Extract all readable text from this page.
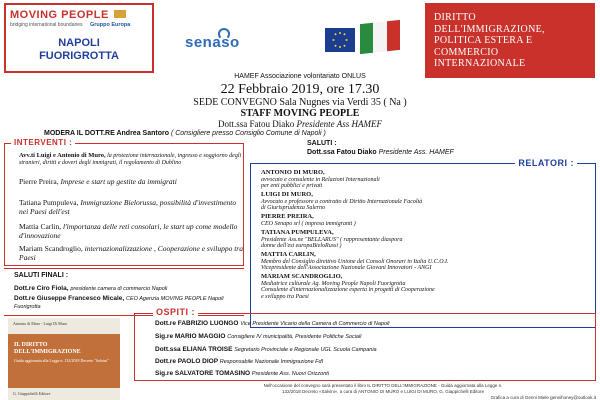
MOVING PEOPLE
bridging international boundaries Gruppo Europa
NAPOLI
FUORIGROTTA
senaso
DIRITTO
DELL'IMMIGRAZIONE,
POLITICA ESTERA E
COMMERCIO
INTERNAZIONALE
HAMEF Associazione volontariato ONLUS
22 Febbraio 2019, ore 17.30
SEDE CONVEGNO Sala Nugnes via Verdi 35 ( Na )
STAFF MOVING PEOPLE
Dott.ssa Fatou Diako Presidente Ass HAMEF
MODERA IL DOTT.RE Andrea Santoro ( Consigliere presso Consiglio Comune di Napoli )
INTERVENTI :
Avv.ti Luigi e Antonio di Muro, la protezione internazionale, ingresso e soggiorno degli stranieri, diritti e doveri degli immigrati, il regolamento di Dublino
Pierre Preira, Imprese e start up gestite da immigrati
Tatiana Pumpuleva, Immigrazione Bielorussa, possibilità d'investimento nei Paesi dell'est
Mattia Carlin, l'importanza delle reti consolari, le start up come modello d'innovazione
Mariam Scandroglio, internazionalizzazione , Cooperazione e sviluppo tra Paesi
SALUTI :
Dott.ssa Fatou Diako Presidente Ass. HAMEF
RELATORI :
ANTONIO DI MURO,
avvocato e consulente in Relazioni Internazionali
per enti pubblici e privati
LUIGI DI MURO,
Avvocato e professore a contratto di Diritto Internazionale Facoltà
di Giurisprudenza Salerno
PIERRE PREIRA,
CEO Senapo srl ( impresa immigranti )
TATIANA PUMPULEVA,
Presidente Ass.ne "BELLARUS" ( rappresentante diaspora
donne dell'est europaBieloRussi )
MATTIA CARLIN,
Membro del Consiglio direttivo Unione dei Consoli Onorari in Italia U.C.O.I.
Vicepresidente dell'Associazione Nazionale Giovani Innovatori - ANGI
MARIAM SCANDROGLIO,
Mediatrice culturale Ag. Moving People Napoli Fuorigrotta
Consulente d'internazionalizzazione esperta in progetti di Cooperazione
e sviluppo tra Paesi
SALUTI FINALI :
Dott.re Ciro Fiola, presidente camera di commercio Napoli
Dott.re Giuseppe Francesco Micale, CEO Agenzia MOVING PEOPLE Napoli Fuorigrotta
Antonio di Muro - Luigi Di Muro
IL DIRITTO DELL'IMMIGRAZIONE
Guida aggiornata alla Legge n. 132/2018 Decreto "Salvini"
G. Giappichelli Editore
OSPITI :
Dott.re FABRIZIO LUONGO Vice Presidente Vicario della Camera di Commercio di Napoli
Sig.re MARIO MAGGIO Consigliere IV municipalità, Presidente Politiche Sociali
Dott.ssa ELIANA TROISE Segretario Provinciale e Regionale UGL Scuola Campania
Dott.re PAOLO DIOP Responsabile Nazionale Immigrazione FdI
Sig.re SALVATORE TOMASINO Presidente Ass. Nuovi Orizzonti
Nell'occasione del convegno sarà presentato il libro IL DIRITTO DELL'IMMIGRAZIONE - Guida aggiornata alla Legge n.
132/2018 Decreto «Salvini», a cura di ANTONIO DI MURO e LUIGI DI MURO, G. Giappichelli Editore
Grafica a cura di Genni Miele gennihoney@outlook.it
